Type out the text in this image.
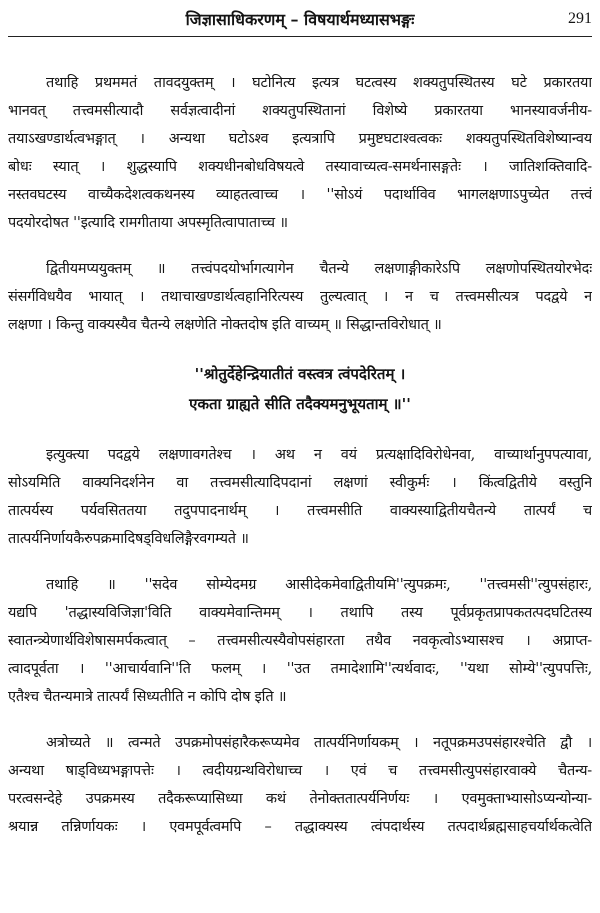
जिज्ञासाधिकरणम् – विषयार्थमध्यासभङ्गः	291
तथाहि प्रथममतं तावदयुक्तम् । घटोनित्य इत्यत्र घटत्वस्य शक्यतुपस्थितस्य घटे प्रकारतया
भानवत् तत्त्वमसीत्यादौ सर्वज्ञत्वादीनां शक्यतुपस्थितानां विशेष्ये प्रकारतया भानस्यावर्जनीय-
तयाऽखण्डार्थत्वभङ्गात् । अन्यथा घटोऽश्व इत्यत्रापि प्रमुष्टघटाश्वत्वकः शक्यतुपस्थितविशेष्यान्वय
बोधः स्यात् । शुद्धस्यापि शक्यधीनबोधविषयत्वे तस्यावाच्यत्व-समर्थनासङ्गतेः । जातिशक्तिवादि-
नस्तवघटस्य वाच्यैकदेशत्वकथनस्य व्याहतत्वाच्च । ''सोऽयं पदार्थाविव भागलक्षणाऽपुच्येत तत्त्वं
पदयोरदोषत ''इत्यादि रामगीताया अपस्मृतित्वापाताच्च ॥
द्वितीयमप्ययुक्तम् ॥ तत्त्वंपदयोर्भागत्यागेन चैतन्ये लक्षणाङ्गीकारेऽपि लक्षणोपस्थितयोरभेदः
संसर्गविधयैव भायात् । तथाचाखण्डार्थत्वहानिरित्यस्य तुल्यत्वात् । न च तत्त्वमसीत्यत्र पदद्वये न
लक्षणा । किन्तु वाक्यस्यैव चैतन्ये लक्षणेति नोक्तदोष इति वाच्यम् ॥ सिद्धान्तविरोधात् ॥
''श्रोतुर्देहेन्द्रियातीतं वस्त्वत्र त्वंपदेरितम् ।
एकता ग्राह्यते सीति तदैक्यमनुभूयताम् ॥''
इत्युक्त्या पदद्वये लक्षणावगतेश्च । अथ न वयं प्रत्यक्षादिविरोधेनवा, वाच्यार्थानुपपत्यावा,
सोऽयमिति वाक्यनिदर्शनेन वा तत्त्वमसीत्यादिपदानां लक्षणां स्वीकुर्मः । किंत्वद्वितीये वस्तुनि
तात्पर्यस्य पर्यवसिततया तदुपपादनार्थम् । तत्त्वमसीति वाक्यस्याद्वितीयचैतन्ये तात्पर्यं च
तात्पर्यनिर्णायकैरुपक्रमादिषड्विधलिङ्गैरवगम्यते ॥
तथाहि ॥ ''सदेव सोम्येदमग्र आसीदेकमेवाद्वितीयमि''त्युपक्रमः, ''तत्त्वमसी''त्युपसंहारः,
यद्यपि 'तद्धास्यविजिज्ञा'विति वाक्यमेवान्तिमम् । तथापि तस्य पूर्वप्रकृतप्रापकतत्पदघटितस्य
स्वातन्त्र्येणार्थविशेषासमर्पकत्वात् – तत्त्वमसीत्यस्यैवोपसंहारता तथैव नवकृत्वोऽभ्यासश्च । अप्राप्त-
त्वादपूर्वता । ''आचार्यवानि''ति फलम् । ''उत तमादेशामि''त्यर्थवादः, ''यथा सोम्ये''त्युपपत्तिः,
एतैश्च चैतन्यमात्रे तात्पर्यं सिध्यतीति न कोपि दोष इति ॥
अत्रोच्यते ॥ त्वन्मते उपक्रमोपसंहारैकरूप्यमेव तात्पर्यनिर्णायकम् । नतूपक्रमउपसंहारश्चेति द्वौ ।
अन्यथा षाड्विध्यभङ्गापत्तेः । त्वदीयग्रन्थविरोधाच्च । एवं च तत्त्वमसीत्युपसंहारवाक्ये चैतन्य-
परत्वसन्देहे उपक्रमस्य तदैकरूप्यासिध्या कथं तेनोक्ततात्पर्यनिर्णयः । एवमुक्ताभ्यासोऽप्यन्योन्या-
श्रयान्न तन्निर्णायकः । एवमपूर्वत्वमपि – तद्धाक्यस्य त्वंपदार्थस्य तत्पदार्थब्रह्मसाहचर्यार्थकत्वेति
